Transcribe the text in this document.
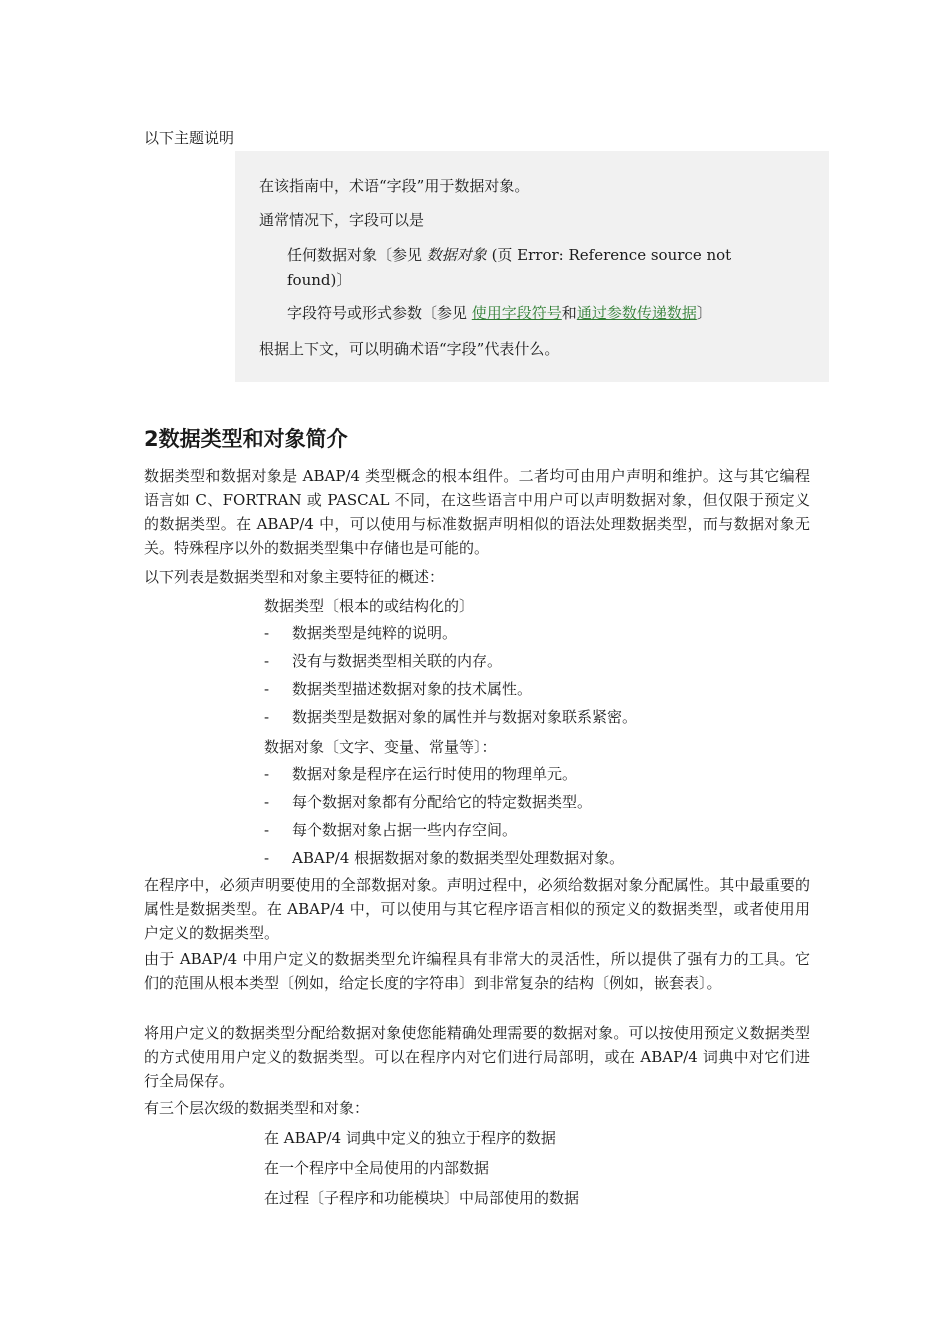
以下主题说明
在该指南中，术语“字段”用于数据对象。
通常情况下，字段可以是
任何数据对象〔参见 数据对象 (页 Error: Reference source not found)〕
字段符号或形式参数〔参见 使用字段符号和通过参数传递数据〕
根据上下文，可以明确术语“字段”代表什么。
2数据类型和对象简介

数据类型和数据对象是 ABAP/4 类型概念的根本组件。二者均可由用户声明和维护。这与其它编程语言如 C、FORTRAN 或 PASCAL 不同，在这些语言中用户可以声明数据对象，但仅限于预定义的数据类型。在 ABAP/4 中，可以使用与标准数据声明相似的语法处理数据类型，而与数据对象无关。特殊程序以外的数据类型集中存储也是可能的。

以下列表是数据类型和对象主要特征的概述：

数据类型〔根本的或结构化的〕
- 数据类型是纯粹的说明。
- 没有与数据类型相关联的内存。
- 数据类型描述数据对象的技术属性。
- 数据类型是数据对象的属性并与数据对象联系紧密。
数据对象〔文字、变量、常量等〕：
- 数据对象是程序在运行时使用的物理单元。
- 每个数据对象都有分配给它的特定数据类型。
- 每个数据对象占据一些内存空间。
- ABAP/4 根据数据对象的数据类型处理数据对象。

在程序中，必须声明要使用的全部数据对象。声明过程中，必须给数据对象分配属性。其中最重要的属性是数据类型。在 ABAP/4 中，可以使用与其它程序语言相似的预定义的数据类型，或者使用用户定义的数据类型。

由于 ABAP/4 中用户定义的数据类型允许编程具有非常大的灵活性，所以提供了强有力的工具。它们的范围从根本类型〔例如，给定长度的字符串〕到非常复杂的结构〔例如，嵌套表〕。

将用户定义的数据类型分配给数据对象使您能精确处理需要的数据对象。可以按使用预定义数据类型的方式使用用户定义的数据类型。可以在程序内对它们进行局部明，或在 ABAP/4 词典中对它们进行全局保存。

有三个层次级的数据类型和对象：

在 ABAP/4 词典中定义的独立于程序的数据
在一个程序中全局使用的内部数据
在过程〔子程序和功能模块〕中局部使用的数据
